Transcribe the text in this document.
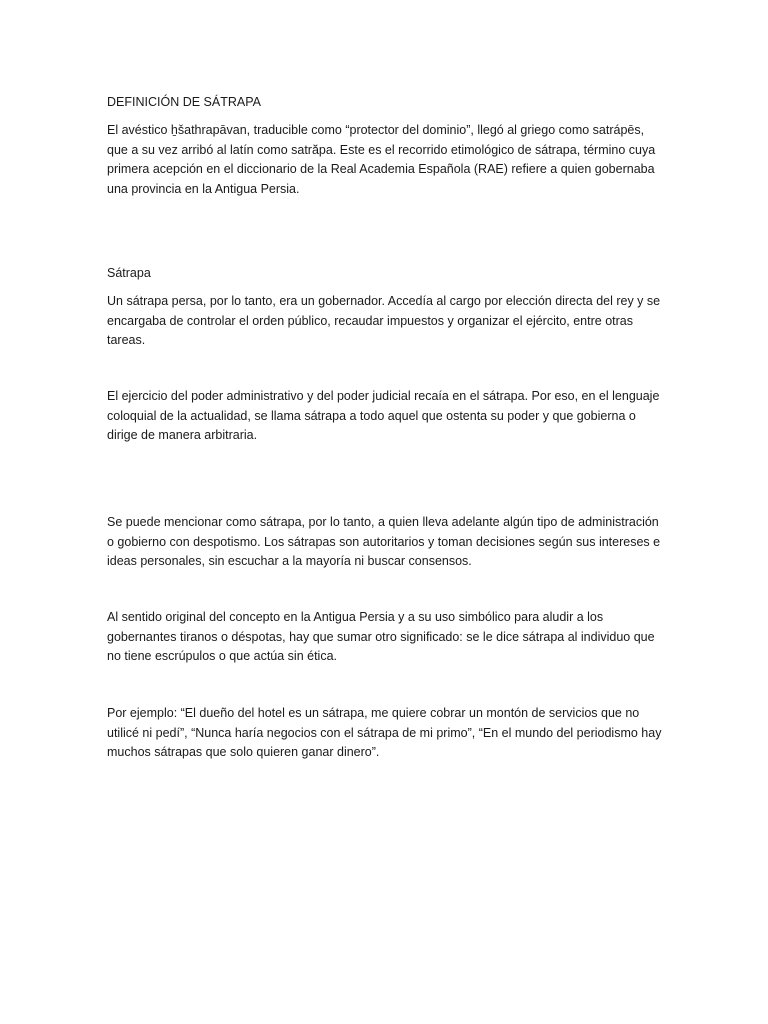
DEFINICIÓN DE SÁTRAPA

El avéstico ẖšathrapāvan, traducible como “protector del dominio”, llegó al griego como satrápēs, que a su vez arribó al latín como satrăpa. Este es el recorrido etimológico de sátrapa, término cuya primera acepción en el diccionario de la Real Academia Española (RAE) refiere a quien gobernaba una provincia en la Antigua Persia.

Sátrapa

Un sátrapa persa, por lo tanto, era un gobernador. Accedía al cargo por elección directa del rey y se encargaba de controlar el orden público, recaudar impuestos y organizar el ejército, entre otras tareas.

El ejercicio del poder administrativo y del poder judicial recaía en el sátrapa. Por eso, en el lenguaje coloquial de la actualidad, se llama sátrapa a todo aquel que ostenta su poder y que gobierna o dirige de manera arbitraria.

Se puede mencionar como sátrapa, por lo tanto, a quien lleva adelante algún tipo de administración o gobierno con despotismo. Los sátrapas son autoritarios y toman decisiones según sus intereses e ideas personales, sin escuchar a la mayoría ni buscar consensos.

Al sentido original del concepto en la Antigua Persia y a su uso simbólico para aludir a los gobernantes tiranos o déspotas, hay que sumar otro significado: se le dice sátrapa al individuo que no tiene escrúpulos o que actúa sin ética.

Por ejemplo: “El dueño del hotel es un sátrapa, me quiere cobrar un montón de servicios que no utilicé ni pedí”, “Nunca haría negocios con el sátrapa de mi primo”, “En el mundo del periodismo hay muchos sátrapas que solo quieren ganar dinero”.
